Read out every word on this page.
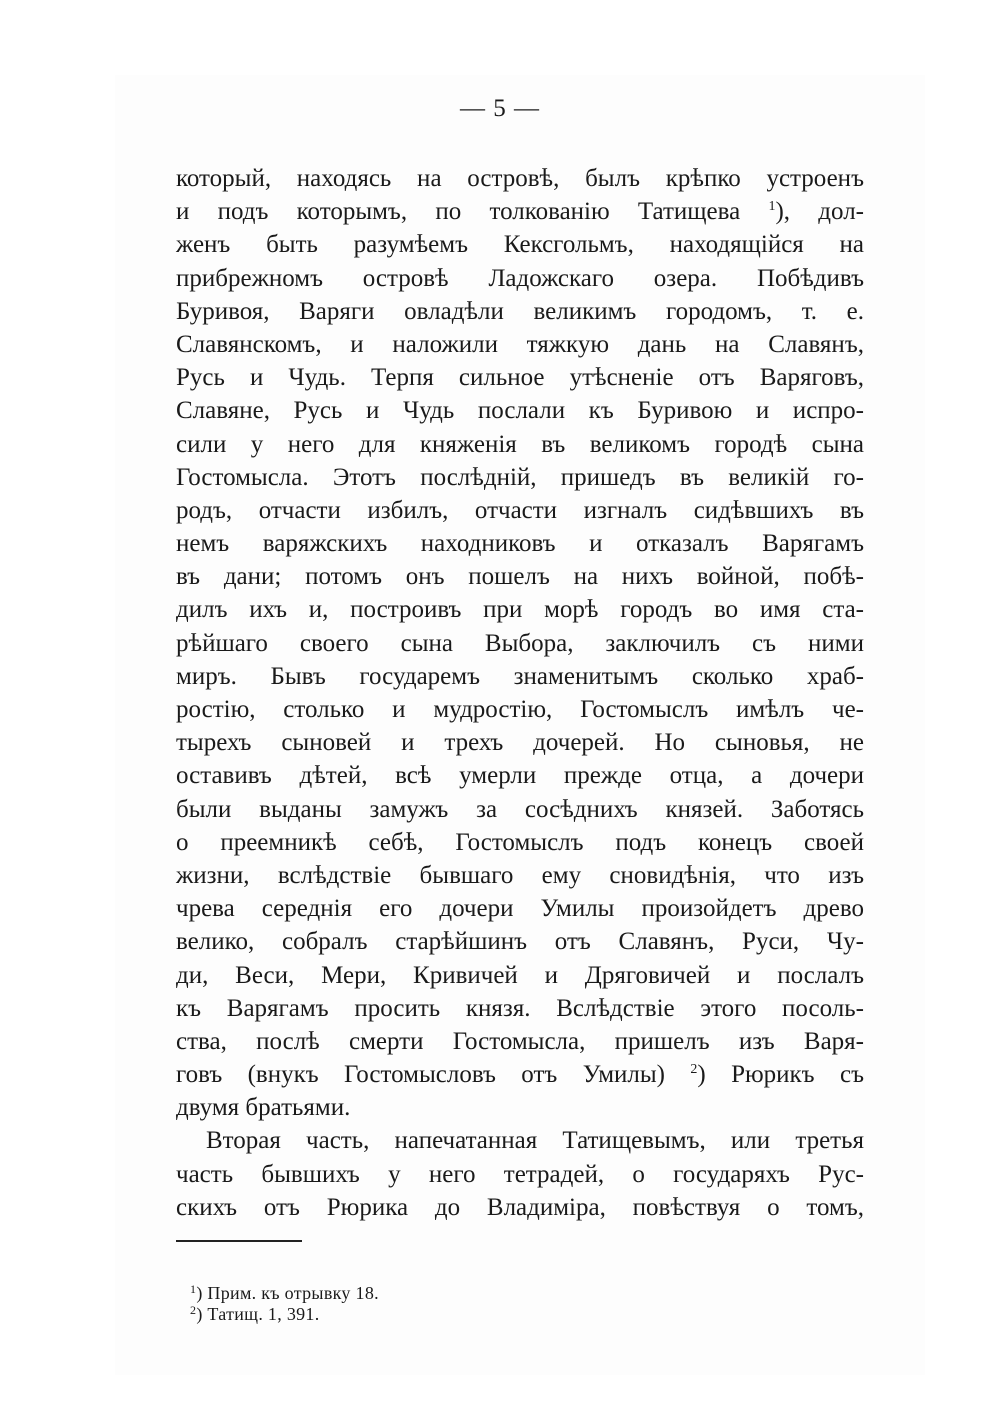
— 5 —
который, находясь на островѣ, былъ крѣпко устроенъ
и подъ которымъ, по толкованію Татищева $^1$), дол-
женъ быть разумѣемъ Кексгольмъ, находящійся на
прибрежномъ островѣ Ладожскаго озера. Побѣдивъ
Буривоя, Варяги овладѣли великимъ городомъ, т. е.
Славянскомъ, и наложили тяжкую дань на Славянъ,
Русь и Чудь. Терпя сильное утѣсненіе отъ Варяговъ,
Славяне, Русь и Чудь послали къ Буривою и испро-
сили у него для княженія въ великомъ городѣ сына
Гостомысла. Этотъ послѣдній, пришедъ въ великій го-
родъ, отчасти избилъ, отчасти изгналъ сидѣвшихъ въ
немъ варяжскихъ находниковъ и отказалъ Варягамъ
въ дани; потомъ онъ пошелъ на нихъ войной, побѣ-
дилъ ихъ и, построивъ при морѣ городъ во имя ста-
рѣйшаго своего сына Выбора, заключилъ съ ними
миръ. Бывъ государемъ знаменитымъ сколько храб-
ростію, столько и мудростію, Гостомыслъ имѣлъ че-
тырехъ сыновей и трехъ дочерей. Но сыновья, не
оставивъ дѣтей, всѣ умерли прежде отца, а дочери
были выданы замужъ за сосѣднихъ князей. Заботясь
о преемникѣ себѣ, Гостомыслъ подъ конецъ своей
жизни, вслѣдствіе бывшаго ему сновидѣнія, что изъ
чрева середнія его дочери Умилы произойдетъ древо
велико, собралъ старѣйшинъ отъ Славянъ, Руси, Чу-
ди, Веси, Мери, Кривичей и Дряговичей и послалъ
къ Варягамъ просить князя. Вслѣдствіе этого посоль-
ства, послѣ смерти Гостомысла, пришелъ изъ Варя-
говъ (внукъ Гостомысловъ отъ Умилы) $^2$) Рюрикъ съ
двумя братьями.
Вторая часть, напечатанная Татищевымъ, или третья
часть бывшихъ у него тетрадей, о государяхъ Рус-
скихъ отъ Рюрика до Владиміра, повѣствуя о томъ,
$^1$) Прим. къ отрывку 18.
$^2$) Татищ. 1, 391.
